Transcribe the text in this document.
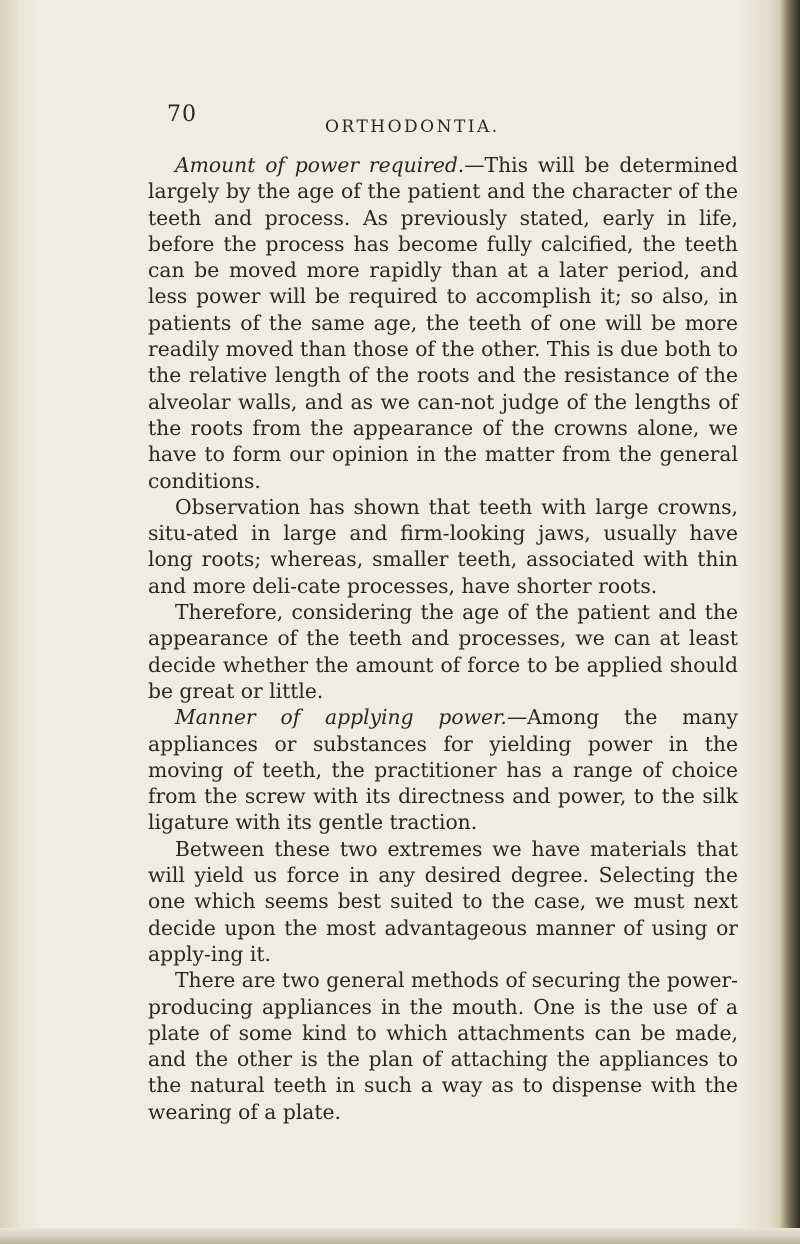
70	ORTHODONTIA.

Amount of power required.—This will be determined largely by the age of the patient and the character of the teeth and process. As previously stated, early in life, before the process has become fully calcified, the teeth can be moved more rapidly than at a later period, and less power will be required to accomplish it; so also, in patients of the same age, the teeth of one will be more readily moved than those of the other. This is due both to the relative length of the roots and the resistance of the alveolar walls, and as we can-not judge of the lengths of the roots from the appearance of the crowns alone, we have to form our opinion in the matter from the general conditions.

Observation has shown that teeth with large crowns, situ-ated in large and firm-looking jaws, usually have long roots; whereas, smaller teeth, associated with thin and more deli-cate processes, have shorter roots.

Therefore, considering the age of the patient and the appearance of the teeth and processes, we can at least decide whether the amount of force to be applied should be great or little.

Manner of applying power.—Among the many appliances or substances for yielding power in the moving of teeth, the practitioner has a range of choice from the screw with its directness and power, to the silk ligature with its gentle traction.

Between these two extremes we have materials that will yield us force in any desired degree. Selecting the one which seems best suited to the case, we must next decide upon the most advantageous manner of using or apply-ing it.

There are two general methods of securing the power-producing appliances in the mouth. One is the use of a plate of some kind to which attachments can be made, and the other is the plan of attaching the appliances to the natural teeth in such a way as to dispense with the wearing of a plate.
